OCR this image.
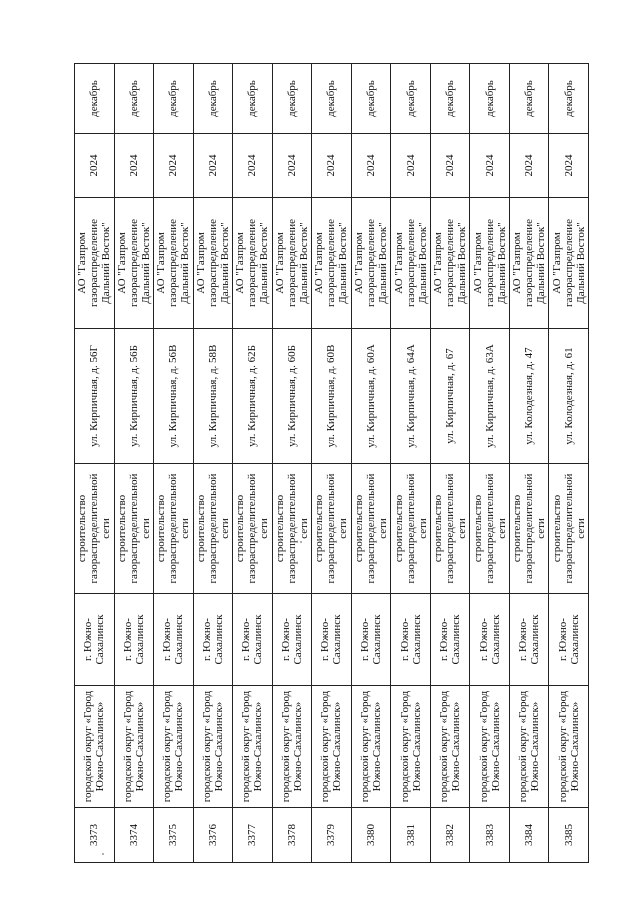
3373	городской округ «Город Южно-Сахалинск»	г. Южно-Сахалинск	строительство газораспределительной сети	ул. Кирпичная, д. 56Г	АО "Газпром газораспределение Дальний Восток"	2024	декабрь
3374	городской округ «Город Южно-Сахалинск»	г. Южно-Сахалинск	строительство газораспределительной сети	ул. Кирпичная, д. 56Б	АО "Газпром газораспределение Дальний Восток"	2024	декабрь
3375	городской округ «Город Южно-Сахалинск»	г. Южно-Сахалинск	строительство газораспределительной сети	ул. Кирпичная, д. 56В	АО "Газпром газораспределение Дальний Восток"	2024	декабрь
3376	городской округ «Город Южно-Сахалинск»	г. Южно-Сахалинск	строительство газораспределительной сети	ул. Кирпичная, д. 58В	АО "Газпром газораспределение Дальний Восток"	2024	декабрь
3377	городской округ «Город Южно-Сахалинск»	г. Южно-Сахалинск	строительство газораспределительной сети	ул. Кирпичная, д. 62Б	АО "Газпром газораспределение Дальний Восток"	2024	декабрь
3378	городской округ «Город Южно-Сахалинск»	г. Южно-Сахалинск	строительство газораспределительной сети	ул. Кирпичная, д. 60Б	АО "Газпром газораспределение Дальний Восток"	2024	декабрь
3379	городской округ «Город Южно-Сахалинск»	г. Южно-Сахалинск	строительство газораспределительной сети	ул. Кирпичная, д. 60В	АО "Газпром газораспределение Дальний Восток"	2024	декабрь
3380	городской округ «Город Южно-Сахалинск»	г. Южно-Сахалинск	строительство газораспределительной сети	ул. Кирпичная, д. 60А	АО "Газпром газораспределение Дальний Восток"	2024	декабрь
3381	городской округ «Город Южно-Сахалинск»	г. Южно-Сахалинск	строительство газораспределительной сети	ул. Кирпичная, д. 64А	АО "Газпром газораспределение Дальний Восток"	2024	декабрь
3382	городской округ «Город Южно-Сахалинск»	г. Южно-Сахалинск	строительство газораспределительной сети	ул. Кирпичная, д. 67	АО "Газпром газораспределение Дальний Восток"	2024	декабрь
3383	городской округ «Город Южно-Сахалинск»	г. Южно-Сахалинск	строительство газораспределительной сети	ул. Кирпичная, д. 63А	АО "Газпром газораспределение Дальний Восток"	2024	декабрь
3384	городской округ «Город Южно-Сахалинск»	г. Южно-Сахалинск	строительство газораспределительной сети	ул. Колодезная, д. 47	АО "Газпром газораспределение Дальний Восток"	2024	декабрь
3385	городской округ «Город Южно-Сахалинск»	г. Южно-Сахалинск	строительство газораспределительной сети	ул. Колодезная, д. 61	АО "Газпром газораспределение Дальний Восток"	2024	декабрь
